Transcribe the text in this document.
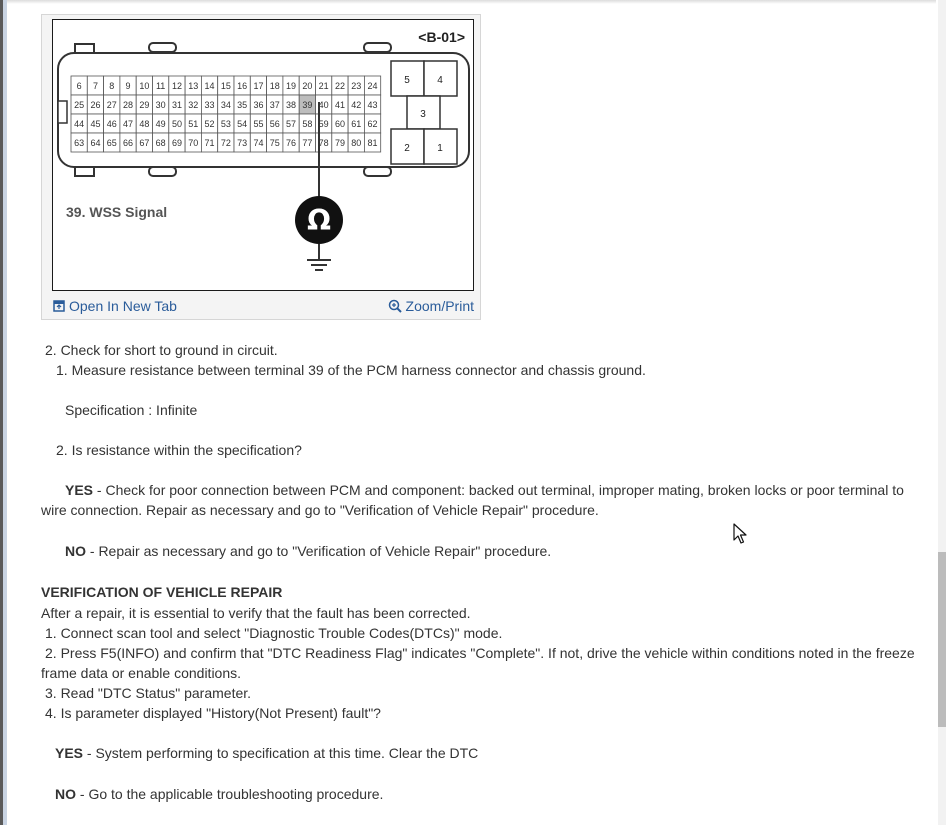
<B-01>
6 7 8 9 10 11 12 13 14 15 16 17 18 19 20 21 22 23 24
25 26 27 28 29 30 31 32 33 34 35 36 37 38 39 40 41 42 43
44 45 46 47 48 49 50 51 52 53 54 55 56 57 58 59 60 61 62
63 64 65 66 67 68 69 70 71 72 73 74 75 76 77 78 79 80 81
5	4
3
2	1
Ω
39. WSS Signal
Open In New Tab	Zoom/Print
2. Check for short to ground in circuit.
1. Measure resistance between terminal 39 of the PCM harness connector and chassis ground.
Specification : Infinite
2. Is resistance within the specification?
YES - Check for poor connection between PCM and component: backed out terminal, improper mating, broken locks or poor terminal to wire connection. Repair as necessary and go to "Verification of Vehicle Repair" procedure.
NO - Repair as necessary and go to "Verification of Vehicle Repair" procedure.
VERIFICATION OF VEHICLE REPAIR
After a repair, it is essential to verify that the fault has been corrected.
1. Connect scan tool and select "Diagnostic Trouble Codes(DTCs)" mode.
2. Press F5(INFO) and confirm that "DTC Readiness Flag" indicates "Complete". If not, drive the vehicle within conditions noted in the freeze frame data or enable conditions.
3. Read "DTC Status" parameter.
4. Is parameter displayed "History(Not Present) fault"?
YES - System performing to specification at this time. Clear the DTC
NO - Go to the applicable troubleshooting procedure.
